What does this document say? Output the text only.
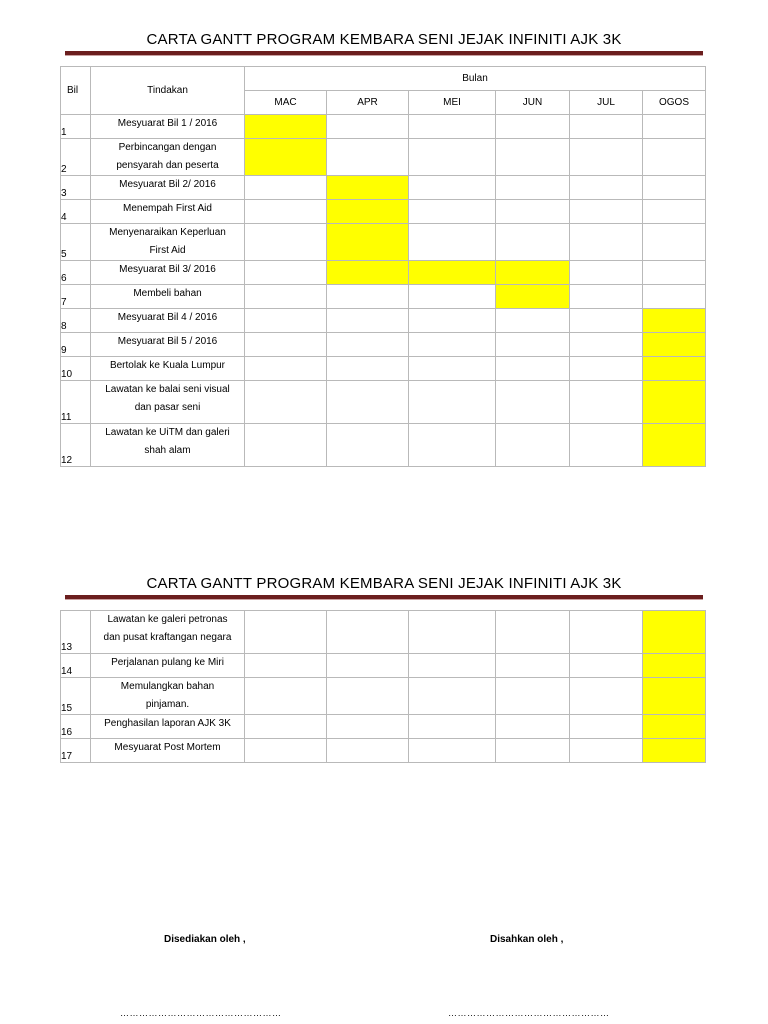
CARTA GANTT PROGRAM KEMBARA SENI JEJAK INFINITI AJK 3K
Bil	Tindakan	Bulan					
		MAC	APR	MEI	JUN	JUL	OGOS
1	Mesyuarat Bil 1 / 2016						

2	Perbincangan dengan
pensyarah dan peserta						

3	Mesyuarat Bil 2/ 2016						

4	Menempah First Aid						

5	Menyenaraikan Keperluan
First Aid						

6	Mesyuarat Bil 3/ 2016						

7	Membeli bahan						

8	Mesyuarat Bil 4 / 2016						

9	Mesyuarat Bil 5 / 2016						

10	Bertolak ke Kuala Lumpur						

11	Lawatan ke balai seni visual
dan pasar seni						

12	Lawatan ke UiTM dan galeri
shah alam						

CARTA GANTT PROGRAM KEMBARA SENI JEJAK INFINITI AJK 3K
13	Lawatan ke galeri petronas
dan pusat kraftangan negara						

14	Perjalanan pulang ke Miri						

15	Memulangkan bahan
pinjaman.						

16	Penghasilan laporan AJK 3K						

17	Mesyuarat Post Mortem						

Disediakan oleh ,	Disahkan oleh ,
……………………………………………	……………………………………………
